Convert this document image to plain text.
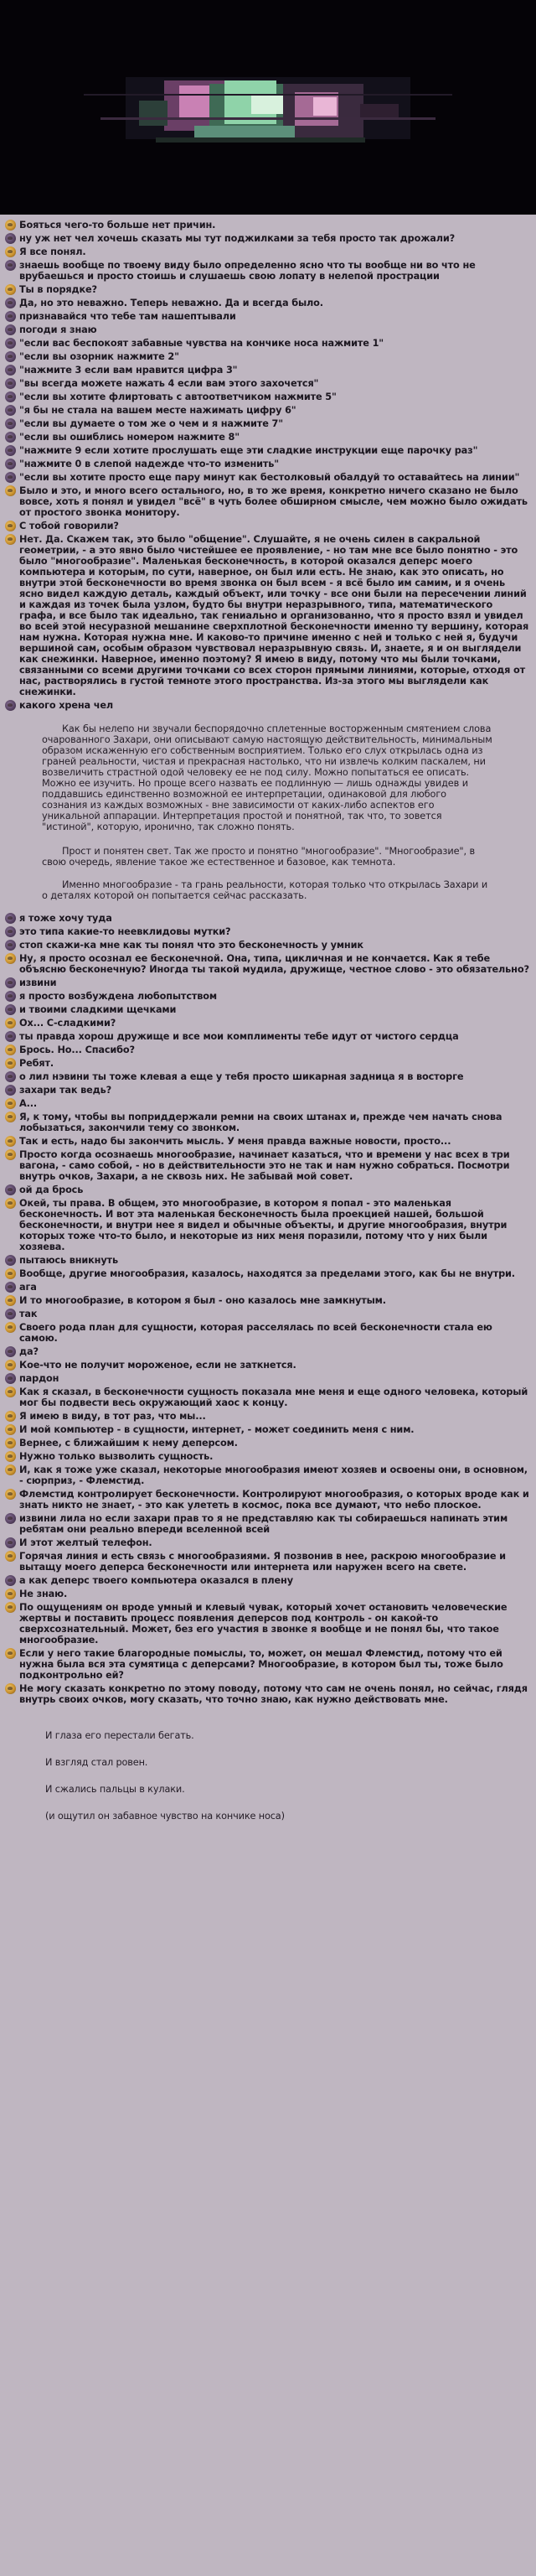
Бояться чего-то больше нет причин.
ну уж нет чел хочешь сказать мы тут поджилками за тебя просто так дрожали?
Я все понял.
знаешь вообще по твоему виду было определенно ясно что ты вообще ни во что не врубаешься и просто стоишь и слушаешь свою лопату в нелепой прострации
Ты в порядке?
Да, но это неважно. Теперь неважно. Да и всегда было.
признавайся что тебе там нашептывали
погоди я знаю
"если вас беспокоят забавные чувства на кончике носа нажмите 1"
"если вы озорник нажмите 2"
"нажмите 3 если вам нравится цифра 3"
"вы всегда можете нажать 4 если вам этого захочется"
"если вы хотите флиртовать с автоответчиком нажмите 5"
"я бы не стала на вашем месте нажимать цифру 6"
"если вы думаете о том же о чем и я нажмите 7"
"если вы ошиблись номером нажмите 8"
"нажмите 9 если хотите прослушать еще эти сладкие инструкции еще парочку раз"
"нажмите 0 в слепой надежде что-то изменить"
"если вы хотите просто еще пару минут как бестолковый обалдуй то оставайтесь на линии"
Было и это, и много всего остального, но, в то же время, конкретно ничего сказано не было вовсе, хоть я понял и увидел "всё" в чуть более обширном смысле, чем можно было ожидать от простого звонка монитору.
С тобой говорили?
Нет. Да. Скажем так, это было "общение". Слушайте, я не очень силен в сакральной геометрии, - а это явно было чистейшее ее проявление, - но там мне все было понятно - это было "многообразие". Маленькая бесконечность, в которой оказался деперс моего компьютера и которым, по сути, наверное, он был или есть. Не знаю, как это описать, но внутри этой бесконечности во время звонка он был всем - я всё было им самим, и я очень ясно видел каждую деталь, каждый объект, или точку - все они были на пересечении линий и каждая из точек была узлом, будто бы внутри неразрывного, типа, математического графа, и все было так идеально, так гениально и организованно, что я просто взял и увидел во всей этой несуразной мешанине сверхплотной бесконечности именно ту вершину, которая нам нужна. Которая нужна мне. И каково-то причине именно с ней и только с ней я, будучи вершиной сам, особым образом чувствовал неразрывную связь. И, знаете, я и он выглядели как снежинки. Наверное, именно поэтому? Я имею в виду, потому что мы были точками, связанными со всеми другими точками со всех сторон прямыми линиями, которые, отходя от нас, растворялись в густой темноте этого пространства. Из-за этого мы выглядели как снежинки.
какого хрена чел

Как бы нелепо ни звучали беспорядочно сплетенные восторженным смятением слова очарованного Захари, они описывают самую настоящую действительность, минимальным образом искаженную его собственным восприятием. Только его слух открылась одна из граней реальности, чистая и прекрасная настолько, что ни извлечь колким паскалем, ни возвеличить страстной одой человеку ее не под силу. Можно попытаться ее описать. Можно ее изучить. Но проще всего назвать ее подлинную — лишь однажды увидев и поддавшись единственно возможной ее интерпретации, одинаковой для любого сознания из каждых возможных - вне зависимости от каких-либо аспектов его уникальной аппарации. Интерпретация простой и понятной, так что, то зовется "истиной", которую, иронично, так сложно понять.

Прост и понятен свет. Так же просто и понятно "многообразие". "Многообразие", в свою очередь, явление такое же естественное и базовое, как темнота.

Именно многообразие - та грань реальности, которая только что открылась Захари и о деталях которой он попытается сейчас рассказать.

я тоже хочу туда
это типа какие-то неевклидовы мутки?
стоп скажи-ка мне как ты понял что это бесконечность у умник
Ну, я просто осознал ее бесконечной. Она, типа, цикличная и не кончается. Как я тебе объясню бесконечную? Иногда ты такой мудила, дружище, честное слово - это обязательно?
извини
я просто возбуждена любопытством
и твоими сладкими щечками
Ох... С-сладкими?
ты правда хорош дружище и все мои комплименты тебе идут от чистого сердца
Брось. Но... Спасибо?
Ребят.
о лил нэвини ты тоже клевая а еще у тебя просто шикарная задница я в восторге
захари так ведь?
А...
Я, к тому, чтобы вы поприддержали ремни на своих штанах и, прежде чем начать снова лобызаться, закончили тему со звонком.
Так и есть, надо бы закончить мысль. У меня правда важные новости, просто...
Просто когда осознаешь многообразие, начинает казаться, что и времени у нас всех в три вагона, - само собой, - но в действительности это не так и нам нужно собраться. Посмотри внутрь очков, Захари, а не сквозь них. Не забывай мой совет.
ой да брось
Окей, ты права. В общем, это многообразие, в котором я попал - это маленькая бесконечность. И вот эта маленькая бесконечность была проекцией нашей, большой бесконечности, и внутри нее я видел и обычные объекты, и другие многообразия, внутри которых тоже что-то было, и некоторые из них меня поразили, потому что у них были хозяева.
пытаюсь вникнуть
Вообще, другие многообразия, казалось, находятся за пределами этого, как бы не внутри.
ага
И то многообразие, в котором я был - оно казалось мне замкнутым.
так
Своего рода план для сущности, которая расселялась по всей бесконечности стала ею самою.
да?
Кое-что не получит мороженое, если не заткнется.
пардон
Как я сказал, в бесконечности сущность показала мне меня и еще одного человека, который мог бы подвести весь окружающий хаос к концу.
Я имею в виду, в тот раз, что мы...
И мой компьютер - в сущности, интернет, - может соединить меня с ним.
Вернее, с ближайшим к нему деперсом.
Нужно только вызволить сущность.
И, как я тоже уже сказал, некоторые многообразия имеют хозяев и освоены они, в основном, - сюрприз, - Флемстид.
Флемстид контролирует бесконечности. Контролируют многообразия, о которых вроде как и знать никто не знает, - это как улететь в космос, пока все думают, что небо плоское.
извини лила но если захари прав то я не представляю как ты собираешься напинать этим ребятам они реально впереди вселенной всей
И этот желтый телефон.
Горячая линия и есть связь с многообразиями. Я позвонив в нее, раскрою многообразие и вытащу моего деперса бесконечности или интернета или наружен всего на свете.
а как деперс твоего компьютера оказался в плену
Не знаю.
По ощущениям он вроде умный и клевый чувак, который хочет остановить человеческие жертвы и поставить процесс появления деперсов под контроль - он какой-то сверхсознательный. Может, без его участия в звонке я вообще и не понял бы, что такое многообразие.
Если у него такие благородные помыслы, то, может, он мешал Флемстид, потому что ей нужна была вся эта сумятица с деперсами? Многообразие, в котором был ты, тоже было подконтрольно ей?
Не могу сказать конкретно по этому поводу, потому что сам не очень понял, но сейчас, глядя внутрь своих очков, могу сказать, что точно знаю, как нужно действовать мне.
И глаза его перестали бегать.
И взгляд стал ровен.
И сжались пальцы в кулаки.
(и ощутил он забавное чувство на кончике носа)
